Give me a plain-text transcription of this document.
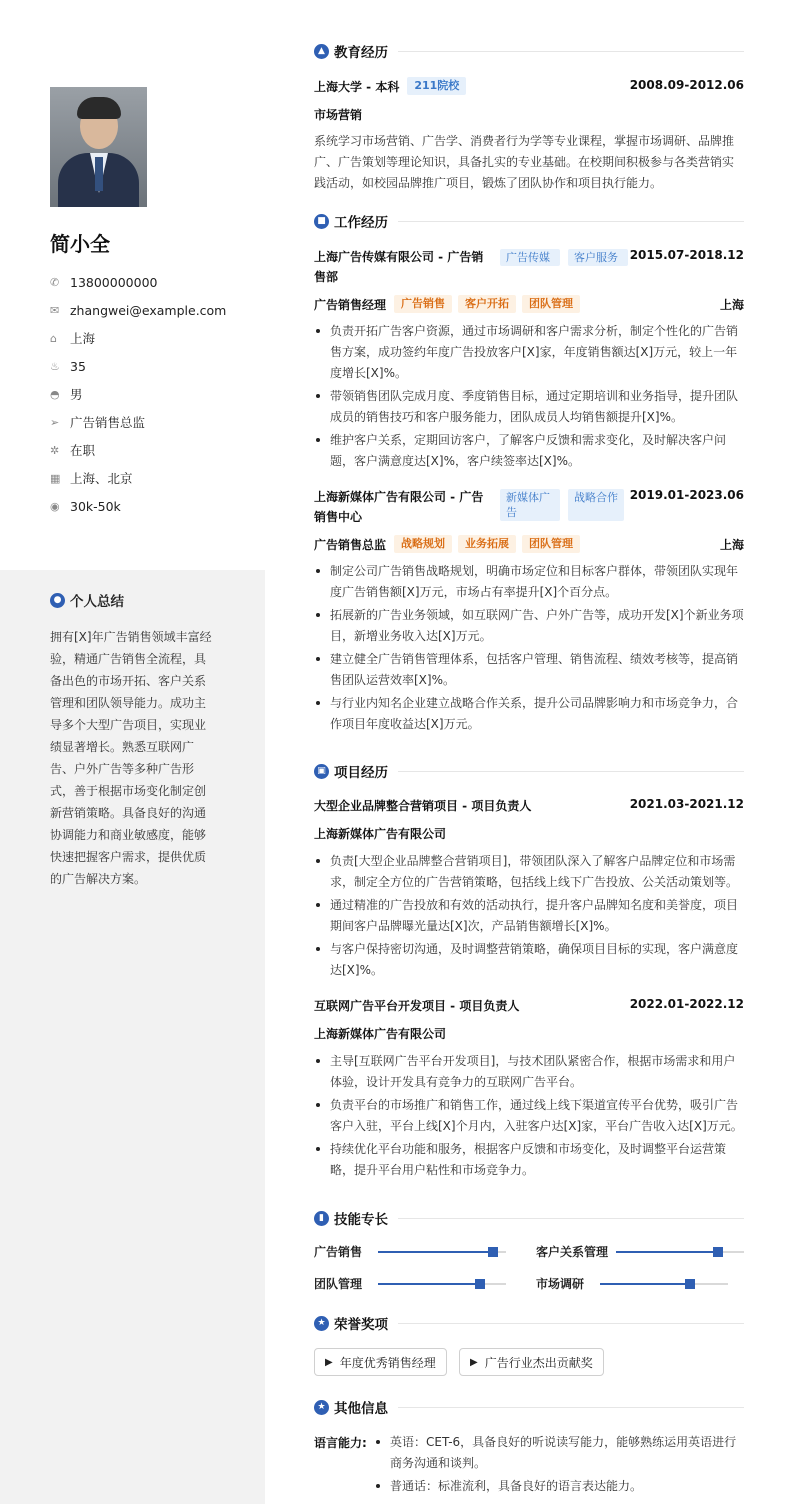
简小全
✆ 13800000000
✉ zhangwei@example.com
⌂	上海
♨ 35
◓ 男
➢ 广告销售总监
✲ 在职
▦ 上海、北京
◉ 30k-50k
● 个人总结
拥有[X]年广告销售领域丰富经验，精通广告销售全流程，具备出色的市场开拓、客户关系管理和团队领导能力。成功主导多个大型广告项目，实现业绩显著增长。熟悉互联网广告、户外广告等多种广告形式，善于根据市场变化制定创新营销策略。具备良好的沟通协调能力和商业敏感度，能够快速把握客户需求，提供优质的广告解决方案。
▲ 教育经历
上海大学 - 本科	211院校	2008.09-2012.06
市场营销
系统学习市场营销、广告学、消费者行为学等专业课程，掌握市场调研、品牌推广、广告策划等理论知识，具备扎实的专业基础。在校期间积极参与各类营销实践活动，如校园品牌推广项目，锻炼了团队协作和项目执行能力。
■ 工作经历
上海广告传媒有限公司 - 广告销售部
广告传媒	客户服务 2015.07-2018.12
广告销售经理	广告销售	客户开拓	团队管理	上海
负责开拓广告客户资源，通过市场调研和客户需求分析，制定个性化的广告销售方案，成功签约年度广告投放客户[X]家，年度销售额达[X]万元，较上一年度增长[X]%。
带领销售团队完成月度、季度销售目标，通过定期培训和业务指导，提升团队成员的销售技巧和客户服务能力，团队成员人均销售额提升[X]%。
维护客户关系，定期回访客户，了解客户反馈和需求变化，及时解决客户问题，客户满意度达[X]%，客户续签率达[X]%。
上海新媒体广告有限公司 - 广告销售中心
新媒体广告
战略合作 2019.01-2023.06
广告销售总监	战略规划	业务拓展	团队管理	上海
制定公司广告销售战略规划，明确市场定位和目标客户群体，带领团队实现年度广告销售额[X]万元，市场占有率提升[X]个百分点。
拓展新的广告业务领域，如互联网广告、户外广告等，成功开发[X]个新业务项目，新增业务收入达[X]万元。
建立健全广告销售管理体系，包括客户管理、销售流程、绩效考核等，提高销售团队运营效率[X]%。
与行业内知名企业建立战略合作关系，提升公司品牌影响力和市场竞争力，合作项目年度收益达[X]万元。
▣ 项目经历
大型企业品牌整合营销项目 - 项目负责人	2021.03-2021.12
上海新媒体广告有限公司
负责[大型企业品牌整合营销项目]，带领团队深入了解客户品牌定位和市场需求，制定全方位的广告营销策略，包括线上线下广告投放、公关活动策划等。
通过精准的广告投放和有效的活动执行，提升客户品牌知名度和美誉度，项目期间客户品牌曝光量达[X]次，产品销售额增长[X]%。
与客户保持密切沟通，及时调整营销策略，确保项目目标的实现，客户满意度达[X]%。
互联网广告平台开发项目 - 项目负责人	2022.01-2022.12
上海新媒体广告有限公司
主导[互联网广告平台开发项目]，与技术团队紧密合作，根据市场需求和用户体验，设计开发具有竞争力的互联网广告平台。
负责平台的市场推广和销售工作，通过线上线下渠道宣传平台优势，吸引广告客户入驻，平台上线[X]个月内，入驻客户达[X]家，平台广告收入达[X]万元。
持续优化平台功能和服务，根据客户反馈和市场变化，及时调整平台运营策略，提升平台用户粘性和市场竞争力。
▮ 技能专长
广告销售	客户关系管理
团队管理	市场调研
★ 荣誉奖项
▶ 年度优秀销售经理	▶ 广告行业杰出贡献奖
★ 其他信息
语言能力:	英语：CET-6，具备良好的听说读写能力，能够熟练运用英语进行商务沟通和谈判。
普通话：标准流利，具备良好的语言表达能力。
